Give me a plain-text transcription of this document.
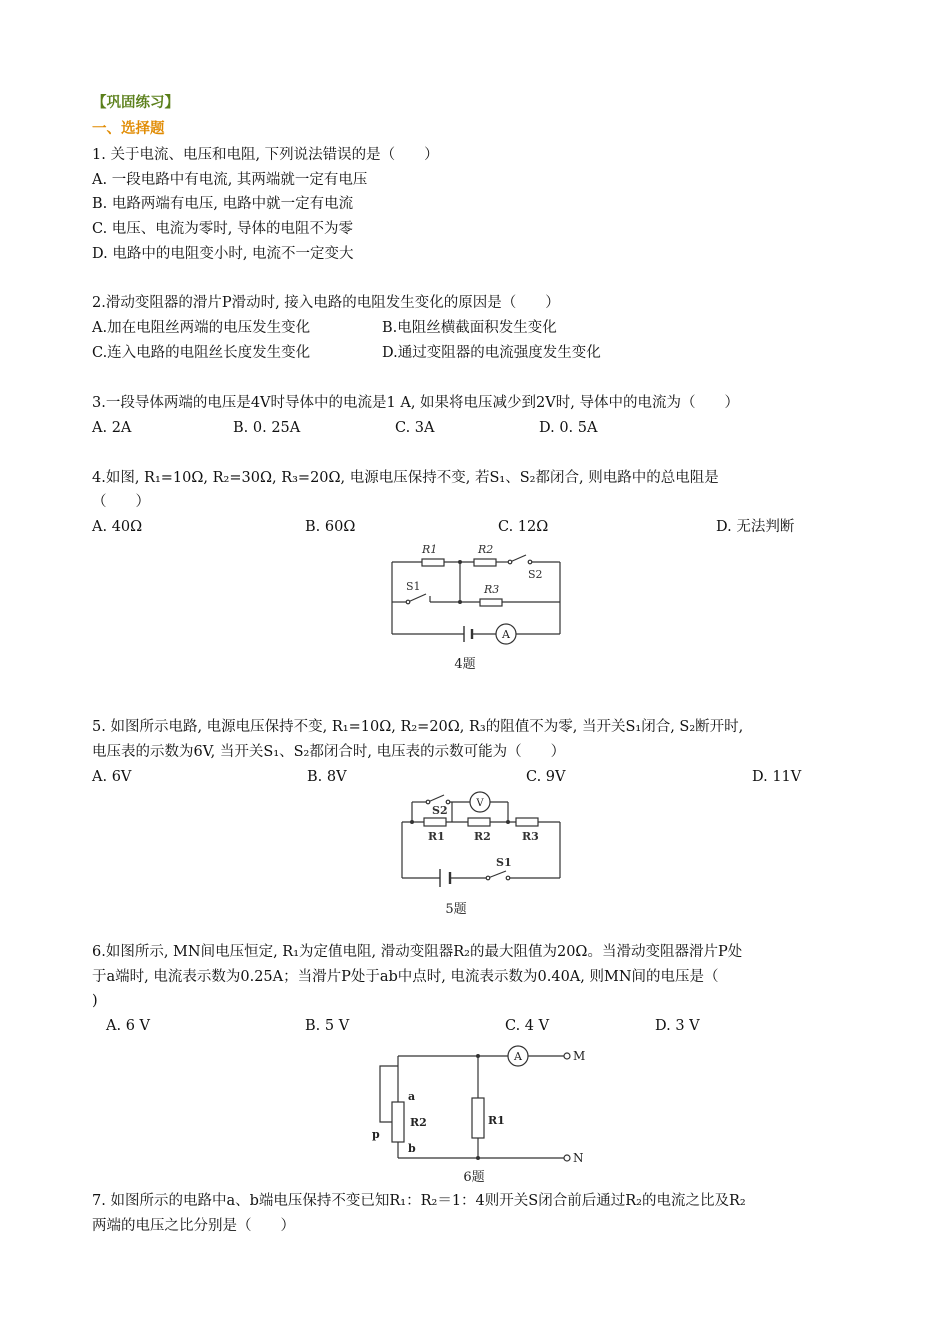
【巩固练习】
一、选择题
1. 关于电流、电压和电阻, 下列说法错误的是（　　）
A. 一段电路中有电流, 其两端就一定有电压
B. 电路两端有电压, 电路中就一定有电流
C. 电压、电流为零时, 导体的电阻不为零
D. 电路中的电阻变小时, 电流不一定变大
2.滑动变阻器的滑片P滑动时, 接入电路的电阻发生变化的原因是（　　）
A.加在电阻丝两端的电压发生变化	B.电阻丝横截面积发生变化
C.连入电路的电阻丝长度发生变化	D.通过变阻器的电流强度发生变化
3.一段导体两端的电压是4V时导体中的电流是1 A, 如果将电压减少到2V时, 导体中的电流为（　　）
A. 2A	B. 0. 25A	C. 3A	D. 0. 5A
4.如图, R₁=10Ω, R₂=30Ω, R₃=20Ω, 电源电压保持不变, 若S₁、S₂都闭合, 则电路中的总电阻是
（　　）
A. 40Ω	B. 60Ω	C. 12Ω	D. 无法判断
A
R1	R2
R3
S1
S2
4题
5. 如图所示电路, 电源电压保持不变, R₁=10Ω, R₂=20Ω, R₃的阻值不为零, 当开关S₁闭合, S₂断开时,
电压表的示数为6V, 当开关S₁、S₂都闭合时, 电压表的示数可能为（　　）
A. 6V	B. 8V	C. 9V	D. 11V
V
R1	R2	R3
S2
S1
5题
6.如图所示, MN间电压恒定, R₁为定值电阻, 滑动变阻器R₂的最大阻值为20Ω。当滑动变阻器滑片P处
于a端时, 电流表示数为0.25A；当滑片P处于ab中点时, 电流表示数为0.40A, 则MN间的电压是（
)
A. 6 V	B. 5 V	C. 4 V	D. 3 V
A	M
N
a
b
p
R2	R1
6题
7. 如图所示的电路中a、b端电压保持不变已知R₁：R₂＝1：4则开关S闭合前后通过R₂的电流之比及R₂
两端的电压之比分别是（　　）
